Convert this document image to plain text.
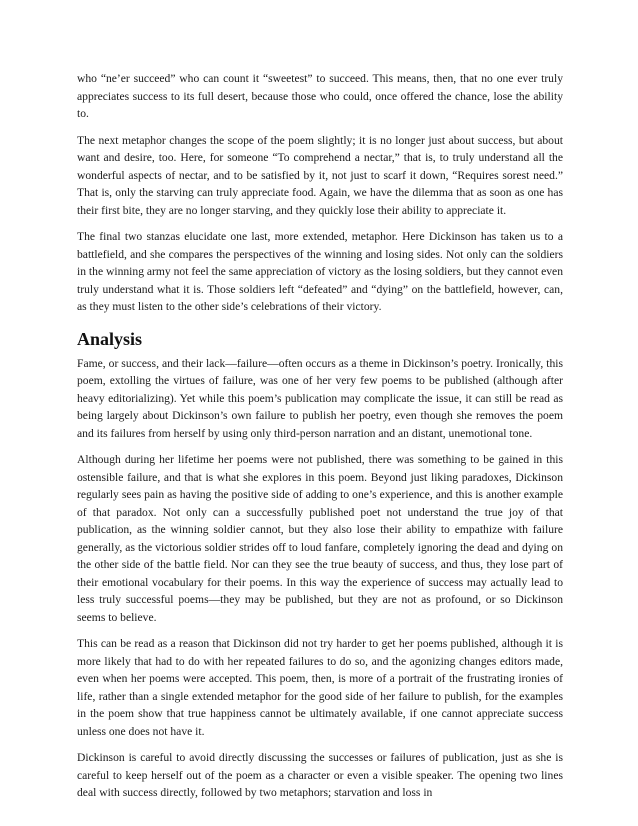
who “ne’er succeed” who can count it “sweetest” to succeed. This means, then, that no one ever truly appreciates success to its full desert, because those who could, once offered the chance, lose the ability to.

The next metaphor changes the scope of the poem slightly; it is no longer just about success, but about want and desire, too. Here, for someone “To comprehend a nectar,” that is, to truly understand all the wonderful aspects of nectar, and to be satisfied by it, not just to scarf it down, “Requires sorest need.” That is, only the starving can truly appreciate food. Again, we have the dilemma that as soon as one has their first bite, they are no longer starving, and they quickly lose their ability to appreciate it.

The final two stanzas elucidate one last, more extended, metaphor. Here Dickinson has taken us to a battlefield, and she compares the perspectives of the winning and losing sides. Not only can the soldiers in the winning army not feel the same appreciation of victory as the losing soldiers, but they cannot even truly understand what it is. Those soldiers left “defeated” and “dying” on the battlefield, however, can, as they must listen to the other side’s celebrations of their victory.

Analysis

Fame, or success, and their lack—failure—often occurs as a theme in Dickinson’s poetry. Ironically, this poem, extolling the virtues of failure, was one of her very few poems to be published (although after heavy editorializing). Yet while this poem’s publication may complicate the issue, it can still be read as being largely about Dickinson’s own failure to publish her poetry, even though she removes the poem and its failures from herself by using only third-person narration and an distant, unemotional tone.

Although during her lifetime her poems were not published, there was something to be gained in this ostensible failure, and that is what she explores in this poem. Beyond just liking paradoxes, Dickinson regularly sees pain as having the positive side of adding to one’s experience, and this is another example of that paradox. Not only can a successfully published poet not understand the true joy of that publication, as the winning soldier cannot, but they also lose their ability to empathize with failure generally, as the victorious soldier strides off to loud fanfare, completely ignoring the dead and dying on the other side of the battle field. Nor can they see the true beauty of success, and thus, they lose part of their emotional vocabulary for their poems. In this way the experience of success may actually lead to less truly successful poems—they may be published, but they are not as profound, or so Dickinson seems to believe.

This can be read as a reason that Dickinson did not try harder to get her poems published, although it is more likely that had to do with her repeated failures to do so, and the agonizing changes editors made, even when her poems were accepted. This poem, then, is more of a portrait of the frustrating ironies of life, rather than a single extended metaphor for the good side of her failure to publish, for the examples in the poem show that true happiness cannot be ultimately available, if one cannot appreciate success unless one does not have it.

Dickinson is careful to avoid directly discussing the successes or failures of publication, just as she is careful to keep herself out of the poem as a character or even a visible speaker. The opening two lines deal with success directly, followed by two metaphors; starvation and loss in
